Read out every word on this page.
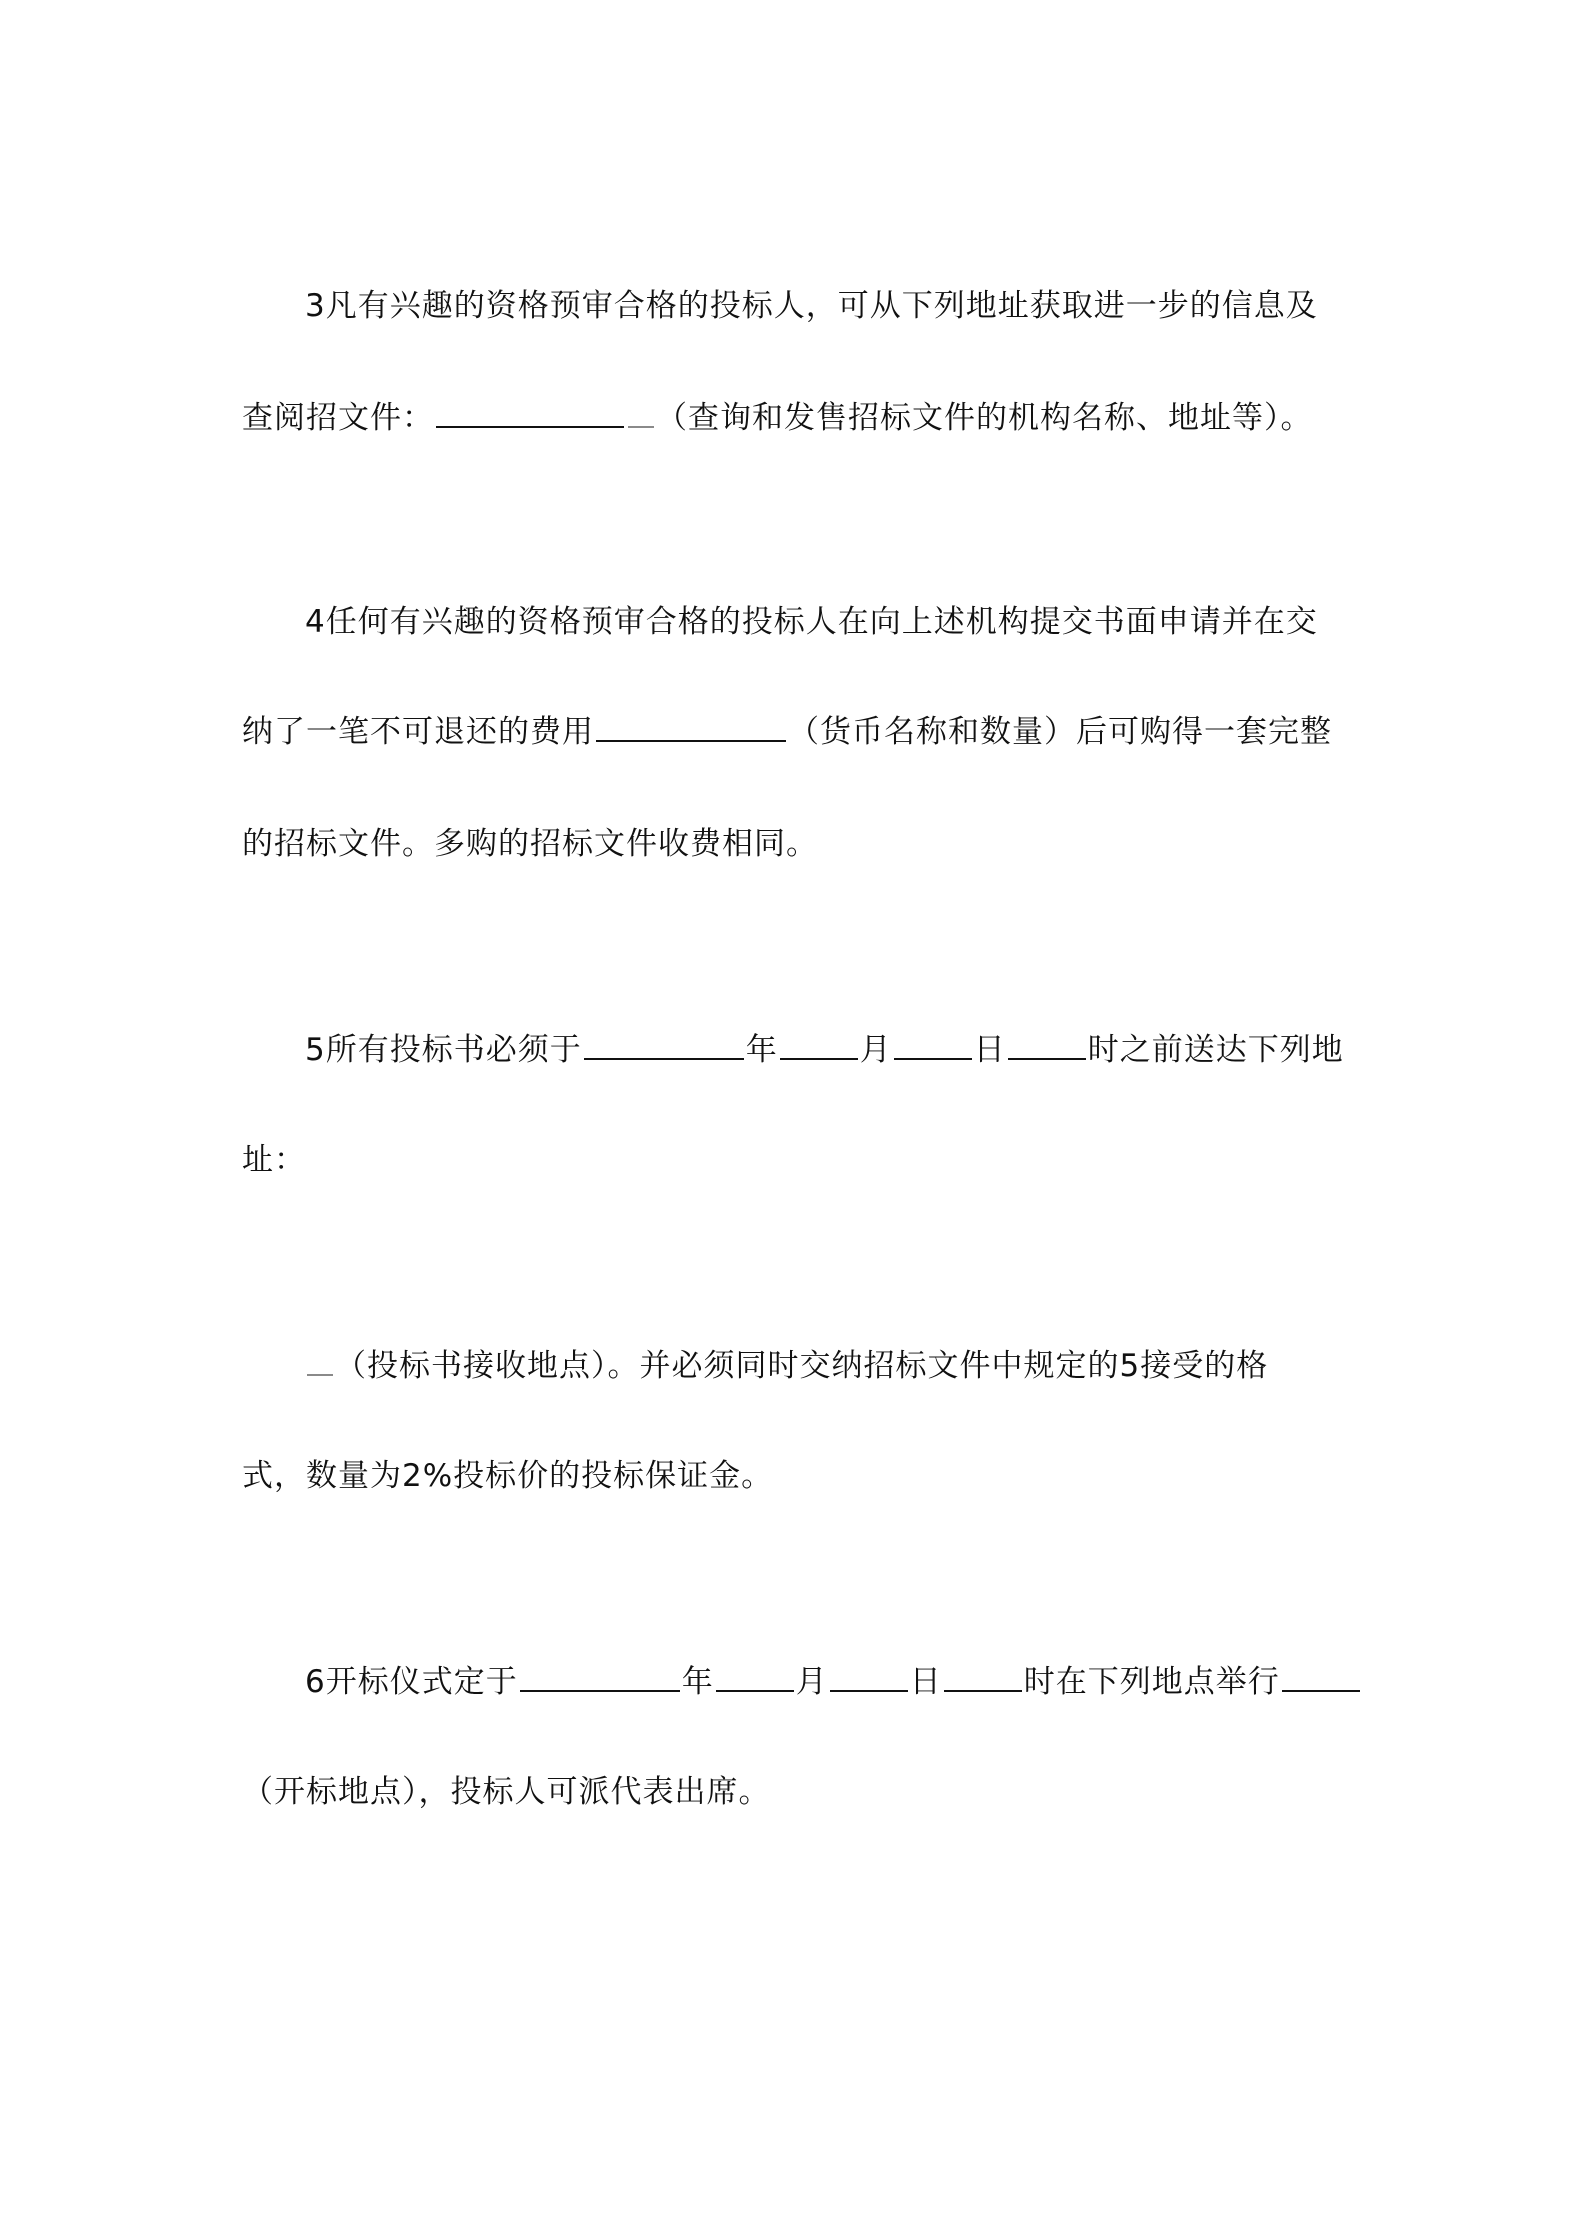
3凡有兴趣的资格预审合格的投标人，可从下列地址获取进一步的信息及
查阅招文件：	（查询和发售招标文件的机构名称、地址等）。
4任何有兴趣的资格预审合格的投标人在向上述机构提交书面申请并在交
纳了一笔不可退还的费用	（货币名称和数量）后可购得一套完整
的招标文件。多购的招标文件收费相同。
5所有投标书必须于	年	月	日	时之前送达下列地
址：
（投标书接收地点）。并必须同时交纳招标文件中规定的5接受的格
式，数量为2%投标价的投标保证金。
6开标仪式定于	年	月	日	时在下列地点举行
（开标地点），投标人可派代表出席。
